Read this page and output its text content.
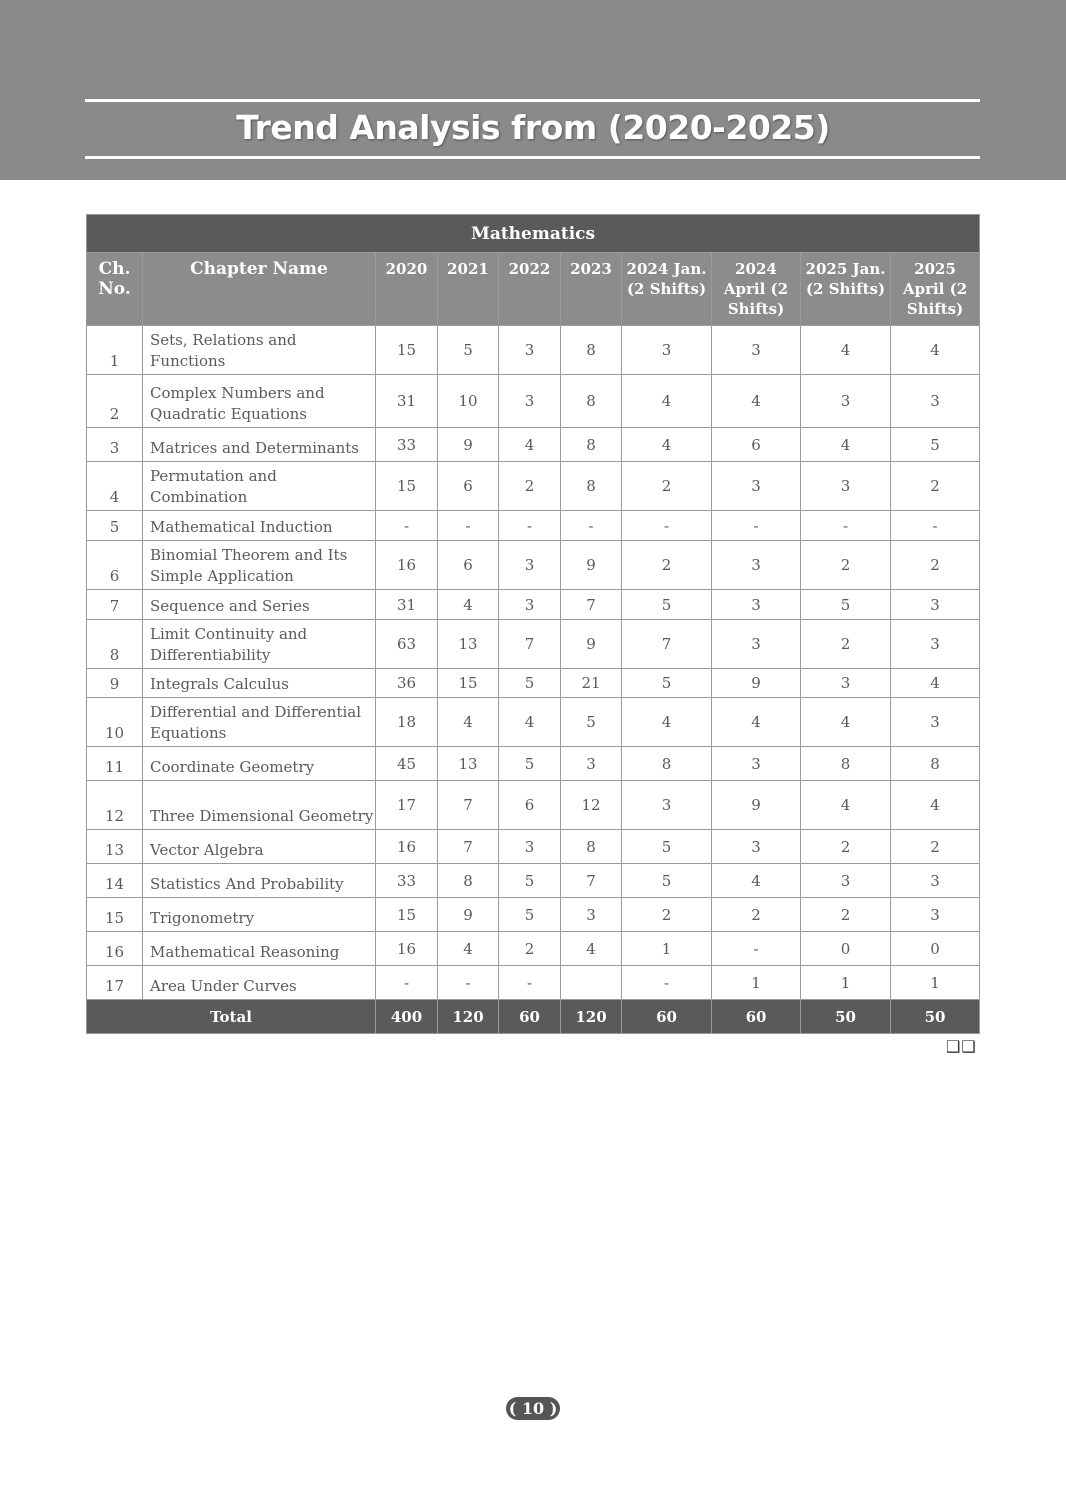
Trend Analysis from (2020-2025)
Mathematics									
Ch. No.	Chapter Name	2020	2021	2022	2023	2024 Jan. (2 Shifts)	2024 April (2 Shifts)	2025 Jan. (2 Shifts)	2025 April (2 Shifts)
1	Sets, Relations and Functions	15	5	3	8	3	3	4	4
2	Complex Numbers and Quadratic Equations	31	10	3	8	4	4	3	3
3	Matrices and Determinants	33	9	4	8	4	6	4	5
4	Permutation and Combination	15	6	2	8	2	3	3	2
5	Mathematical Induction	-	-	-	-	-	-	-	-
6	Binomial Theorem and Its Simple Application	16	6	3	9	2	3	2	2
7	Sequence and Series	31	4	3	7	5	3	5	3
8	Limit Continuity and Differentiability	63	13	7	9	7	3	2	3
9	Integrals Calculus	36	15	5	21	5	9	3	4
10	Differential and Differential Equations	18	4	4	5	4	4	4	3
11	Coordinate Geometry	45	13	5	3	8	3	8	8
12	Three Dimensional Geometry	17	7	6	12	3	9	4	4
13	Vector Algebra	16	7	3	8	5	3	2	2
14	Statistics And Probability	33	8	5	7	5	4	3	3
15	Trigonometry	15	9	5	3	2	2	2	3
16	Mathematical Reasoning	16	4	2	4	1	-	0	0
17	Area Under Curves	-	-	-		-	1	1	1
Total		400	120	60	120	60	60	50	50
❑❑
( 10 )
